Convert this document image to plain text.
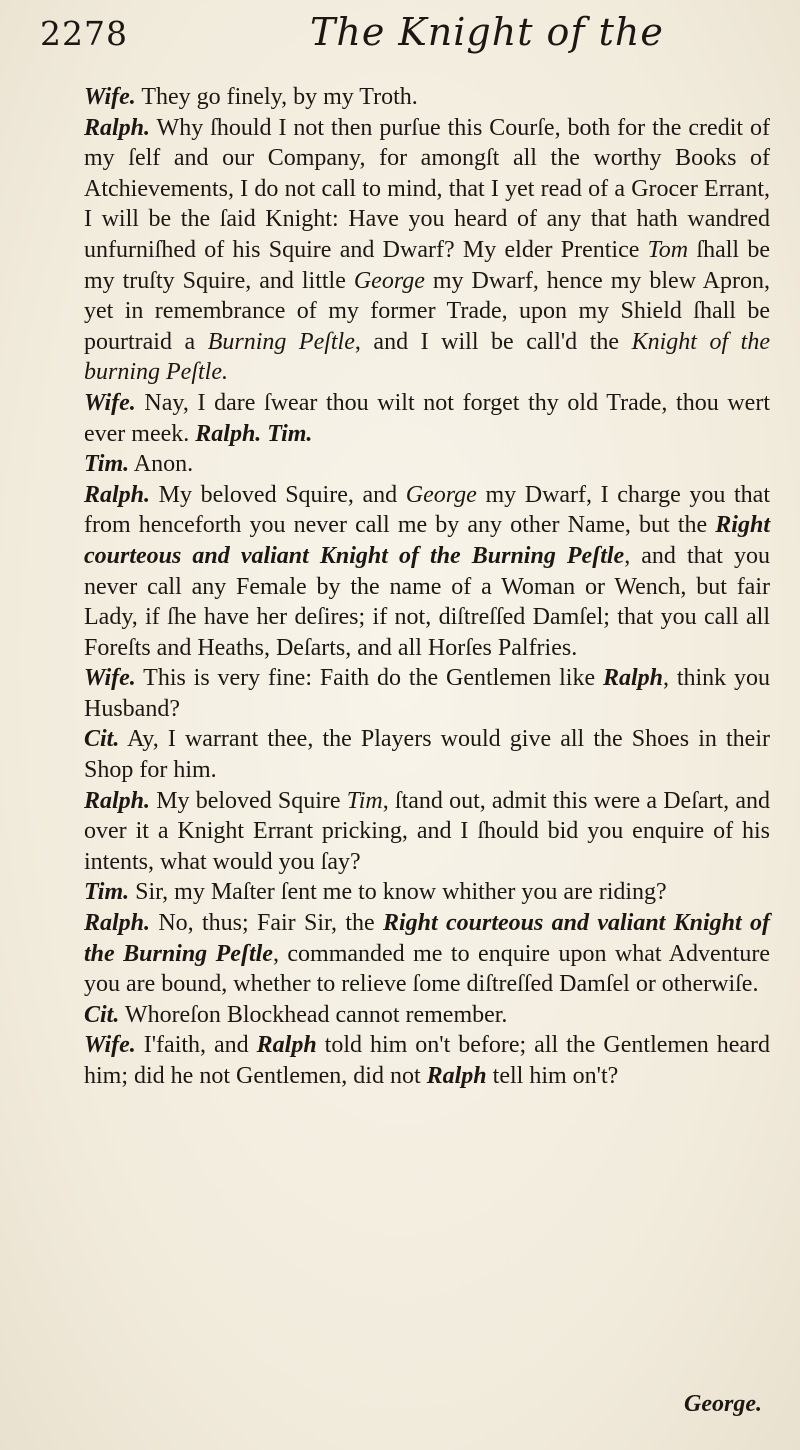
2278	The Knight of the

Wife. They go finely, by my Troth.

Ralph. Why ſhould I not then purſue this Courſe, both for the credit of my ſelf and our Company, for amongſt all the worthy Books of Atchievements, I do not call to mind, that I yet read of a Grocer Errant, I will be the ſaid Knight: Have you heard of any that hath wandred unfurniſhed of his Squire and Dwarf? My elder Prentice Tom ſhall be my truſty Squire, and little George my Dwarf, hence my blew Apron, yet in remembrance of my former Trade, upon my Shield ſhall be pourtraid a Burning Peſtle, and I will be call'd the Knight of the burning Peſtle.

Wife. Nay, I dare ſwear thou wilt not forget thy old Trade, thou wert ever meek. Ralph. Tim.

Tim. Anon.

Ralph. My beloved Squire, and George my Dwarf, I charge you that from henceforth you never call me by any other Name, but the Right courteous and valiant Knight of the Burning Peſtle, and that you never call any Female by the name of a Woman or Wench, but fair Lady, if ſhe have her deſires; if not, diſtreſſed Damſel; that you call all Foreſts and Heaths, Deſarts, and all Horſes Palfries.

Wife. This is very fine: Faith do the Gentlemen like Ralph, think you Husband?

Cit. Ay, I warrant thee, the Players would give all the Shoes in their Shop for him.

Ralph. My beloved Squire Tim, ſtand out, admit this were a Deſart, and over it a Knight Errant pricking, and I ſhould bid you enquire of his intents, what would you ſay?

Tim. Sir, my Maſter ſent me to know whither you are riding?

Ralph. No, thus; Fair Sir, the Right courteous and valiant Knight of the Burning Peſtle, commanded me to enquire upon what Adventure you are bound, whether to relieve ſome diſtreſſed Damſel or otherwiſe.

Cit. Whoreſon Blockhead cannot remember.

Wife. I'faith, and Ralph told him on't before; all the Gentlemen heard him; did he not Gentlemen, did not Ralph tell him on't?

George.
